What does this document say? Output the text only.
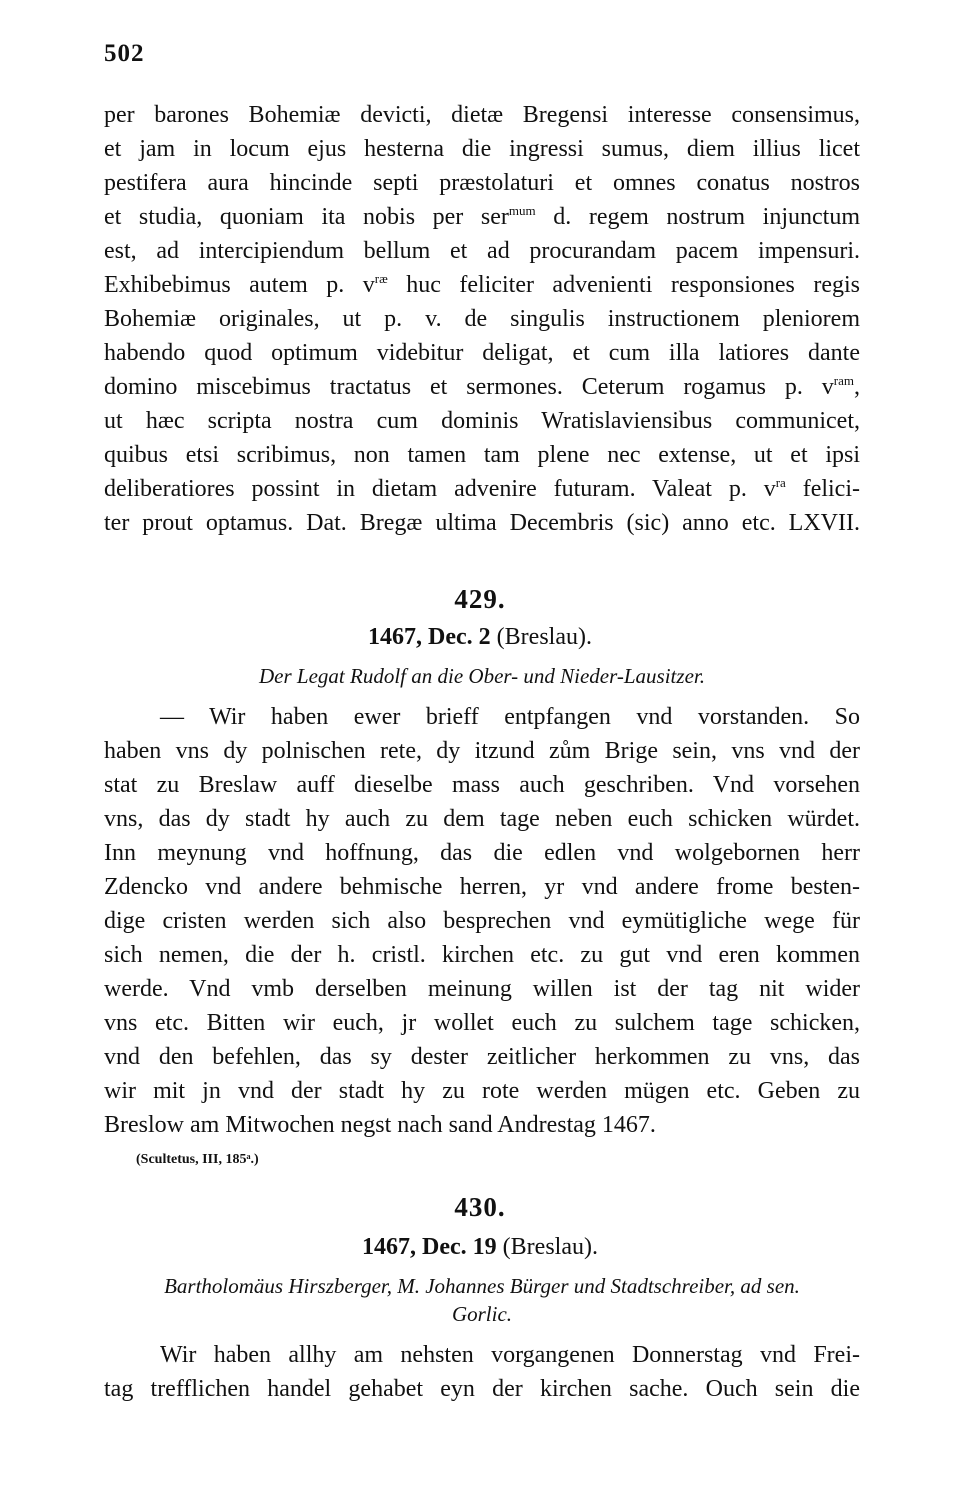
502
per barones Bohemiæ devicti, dietæ Bregensi interesse consensimus,
et jam in locum ejus hesterna die ingressi sumus, diem illius licet
pestifera aura hincinde septi præstolaturi et omnes conatus nostros
et studia, quoniam ita nobis per ser$^{mum}$ d. regem nostrum injunctum
est, ad intercipiendum bellum et ad procurandam pacem impensuri.
Exhibebimus autem p. $v^{ræ}$ huc feliciter advenienti responsiones regis
Bohemiæ originales, ut p. v. de singulis instructionem pleniorem
habendo quod optimum videbitur deligat, et cum illa latiores dante
domino miscebimus tractatus et sermones. Ceterum rogamus p. $v^{ram}$,
ut hæc scripta nostra cum dominis Wratislaviensibus communicet,
quibus etsi scribimus, non tamen tam plene nec extense, ut et ipsi
deliberatiores possint in dietam advenire futuram. Valeat p. $v^{ra}$ felici-
ter prout optamus. Dat. Bregæ ultima Decembris (sic) anno etc. LXVII.
429.
1467, Dec. 2 (Breslau).
Der Legat Rudolf an die Ober- und Nieder-Lausitzer.
— Wir haben ewer brieff entpfangen vnd vorstanden. So
haben vns dy polnischen rete, dy itzund zům Brige sein, vns vnd der
stat zu Breslaw auff dieselbe mass auch geschriben. Vnd vorsehen
vns, das dy stadt hy auch zu dem tage neben euch schicken würdet.
Inn meynung vnd hoffnung, das die edlen vnd wolgebornen herr
Zdencko vnd andere behmische herren, yr vnd andere frome besten-
dige cristen werden sich also besprechen vnd eymütigliche wege für
sich nemen, die der h. cristl. kirchen etc. zu gut vnd eren kommen
werde. Vnd vmb derselben meinung willen ist der tag nit wider
vns etc. Bitten wir euch, jr wollet euch zu sulchem tage schicken,
vnd den befehlen, das sy dester zeitlicher herkommen zu vns, das
wir mit jn vnd der stadt hy zu rote werden mügen etc. Geben zu
Breslow am Mitwochen negst nach sand Andrestag 1467.
(Scultetus, III, 185ᵃ.)
430.
1467, Dec. 19 (Breslau).
Bartholomäus Hirszberger, M. Johannes Bürger und Stadtschreiber, ad sen.
Gorlic.
Wir haben allhy am nehsten vorgangenen Donnerstag vnd Frei-
tag trefflichen handel gehabet eyn der kirchen sache. Ouch sein die
